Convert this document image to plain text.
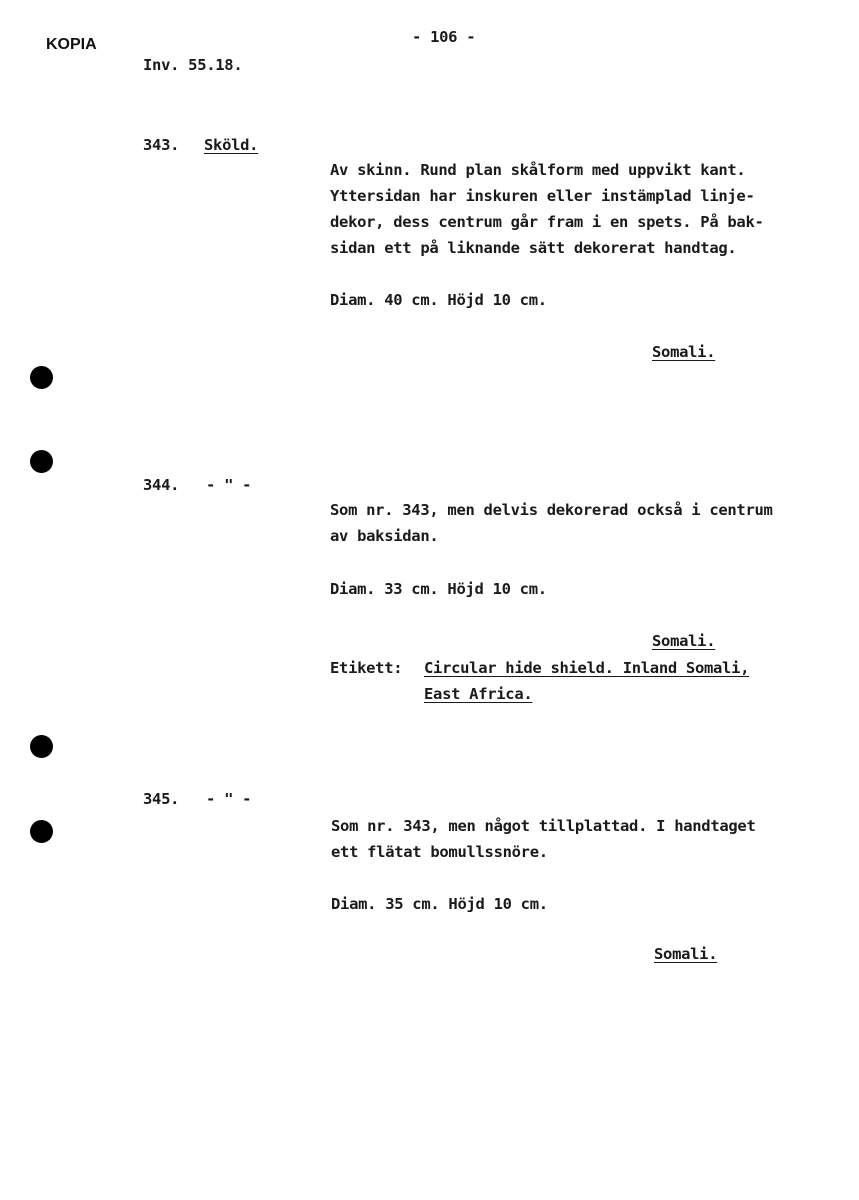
KOPIA	- 106 -
Inv. 55.18.
343. Sköld.
Av skinn. Rund plan skålform med uppvikt kant.
Yttersidan har inskuren eller instämplad linje-
dekor, dess centrum går fram i en spets. På bak-
sidan ett på liknande sätt dekorerat handtag.
Diam. 40 cm. Höjd 10 cm.
Somali.
344. - " -
Som nr. 343, men delvis dekorerad också i centrum
av baksidan.
Diam. 33 cm. Höjd 10 cm.
Somali.
Etikett: Circular hide shield. Inland Somali,
East Africa.
345. - " -
Som nr. 343, men något tillplattad. I handtaget
ett flätat bomullssnöre.
Diam. 35 cm. Höjd 10 cm.
Somali.
